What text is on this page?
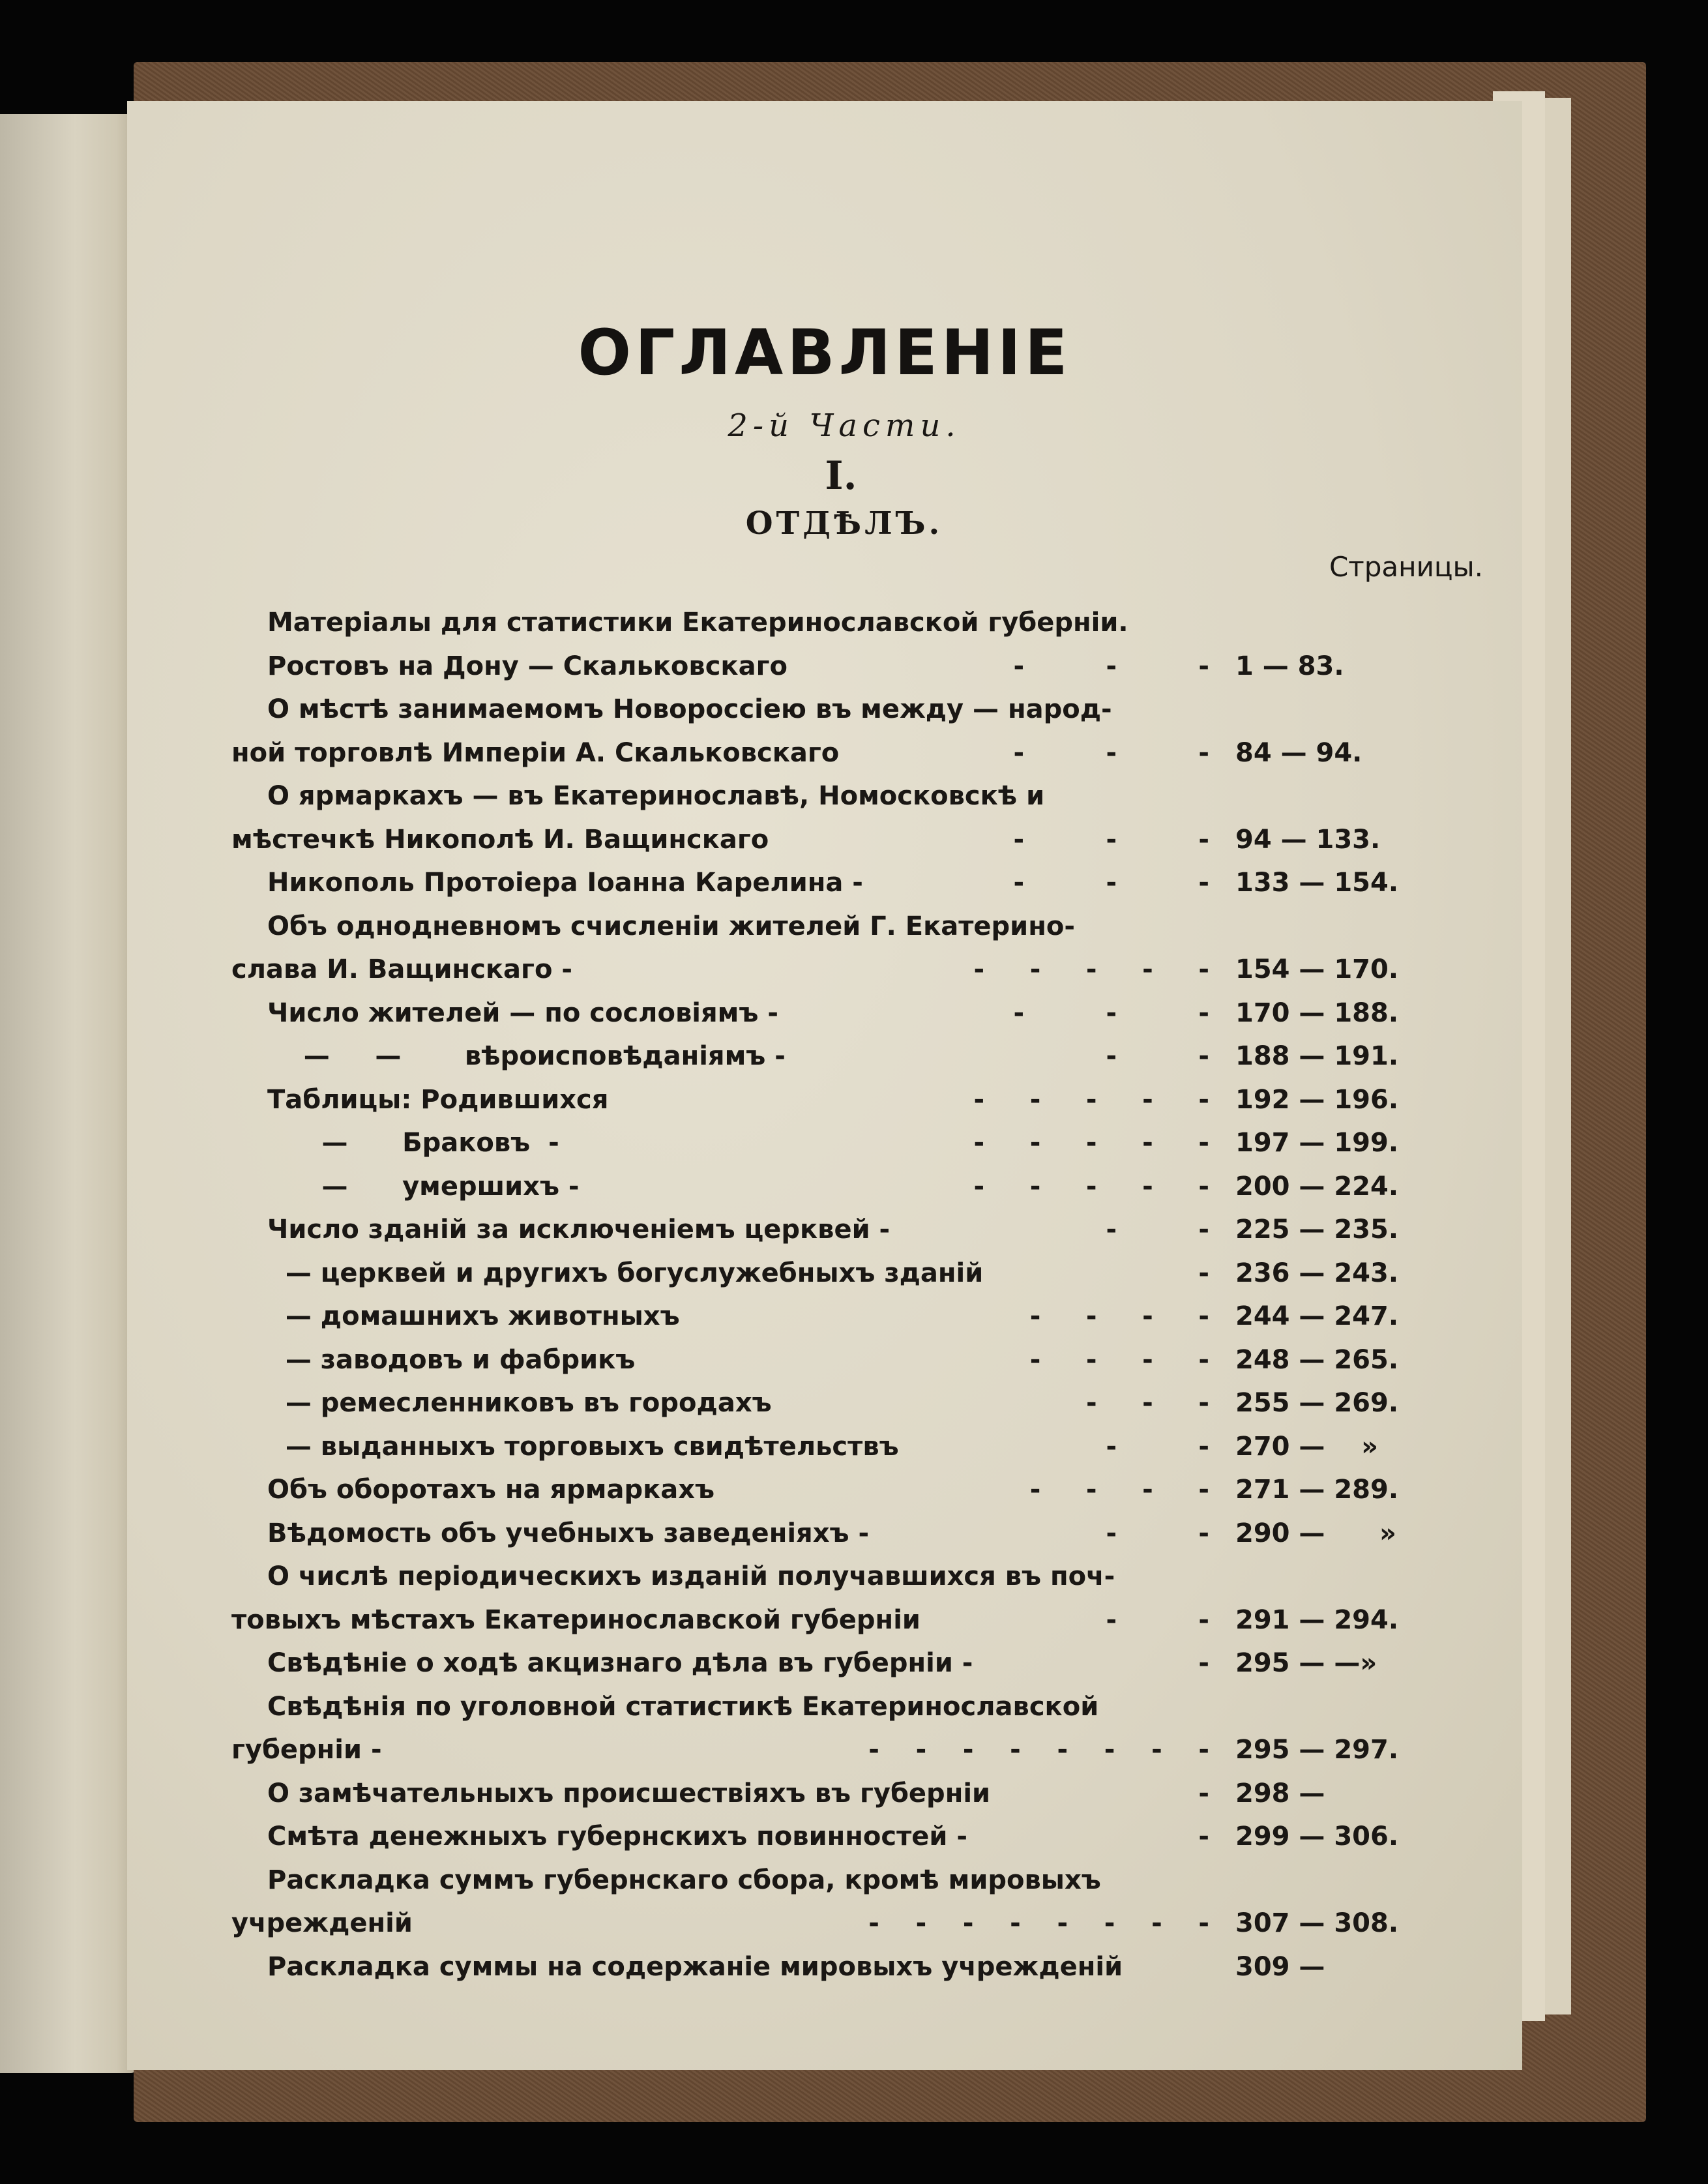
ОГЛАВЛЕНІЕ
2-й Части.
I.
ОТДѢЛЪ.
Страницы.
Матеріалы для статистики Екатеринославской губерніи.
Ростовъ на Дону — Скальковскаго	-         -         - 1 — 83.
О мѣстѣ занимаемомъ Новороссіею въ между — народ-
ной торговлѣ Имперіи А. Скальковскаго	-         -         - 84 — 94.
О ярмаркахъ — въ Екатеринославѣ, Номосковскѣ и
мѣстечкѣ Никополѣ И. Ващинскаго	-         -         - 94 — 133.
Никополь Протоіера Іоанна Карелина -	-         -         - 133 — 154.
Объ однодневномъ счисленіи жителей Г. Екатерино-
слава И. Ващинскаго -	-     -     -     -     - 154 — 170.
Число жителей — по сословіямъ -	-         -         - 170 — 188.
—     —       вѣроисповѣданіямъ -	-         - 188 — 191.
Таблицы: Родившихся	-     -     -     -     - 192 — 196.
—      Браковъ  -	-     -     -     -     - 197 — 199.
—      умершихъ -	-     -     -     -     - 200 — 224.
Число зданій за исключеніемъ церквей -	-         - 225 — 235.
— церквей и другихъ богуслужебныхъ зданій	- 236 — 243.
— домашнихъ животныхъ	-     -     -     - 244 — 247.
— заводовъ и фабрикъ	-     -     -     - 248 — 265.
— ремесленниковъ въ городахъ	-     -     - 255 — 269.
— выданныхъ торговыхъ свидѣтельствъ	-         - 270 —    »
Объ оборотахъ на ярмаркахъ	-     -     -     - 271 — 289.
Вѣдомость объ учебныхъ заведеніяхъ -	-         - 290 —      »
О числѣ періодическихъ изданій получавшихся въ поч-
товыхъ мѣстахъ Екатеринославской губерніи	-         - 291 — 294.
Свѣдѣніе о ходѣ акцизнаго дѣла въ губерніи -	- 295 — —»
Свѣдѣнія по уголовной статистикѣ Екатеринославской
губерніи -	-    -    -    -    -    -    -    - 295 — 297.
О замѣчательныхъ происшествіяхъ въ губерніи	- 298 —
Смѣта денежныхъ губернскихъ повинностей -	- 299 — 306.
Раскладка суммъ губернскаго сбора, кромѣ мировыхъ
учрежденій	-    -    -    -    -    -    -    - 307 — 308.
Раскладка суммы на содержаніе мировыхъ учрежденій	309 —
